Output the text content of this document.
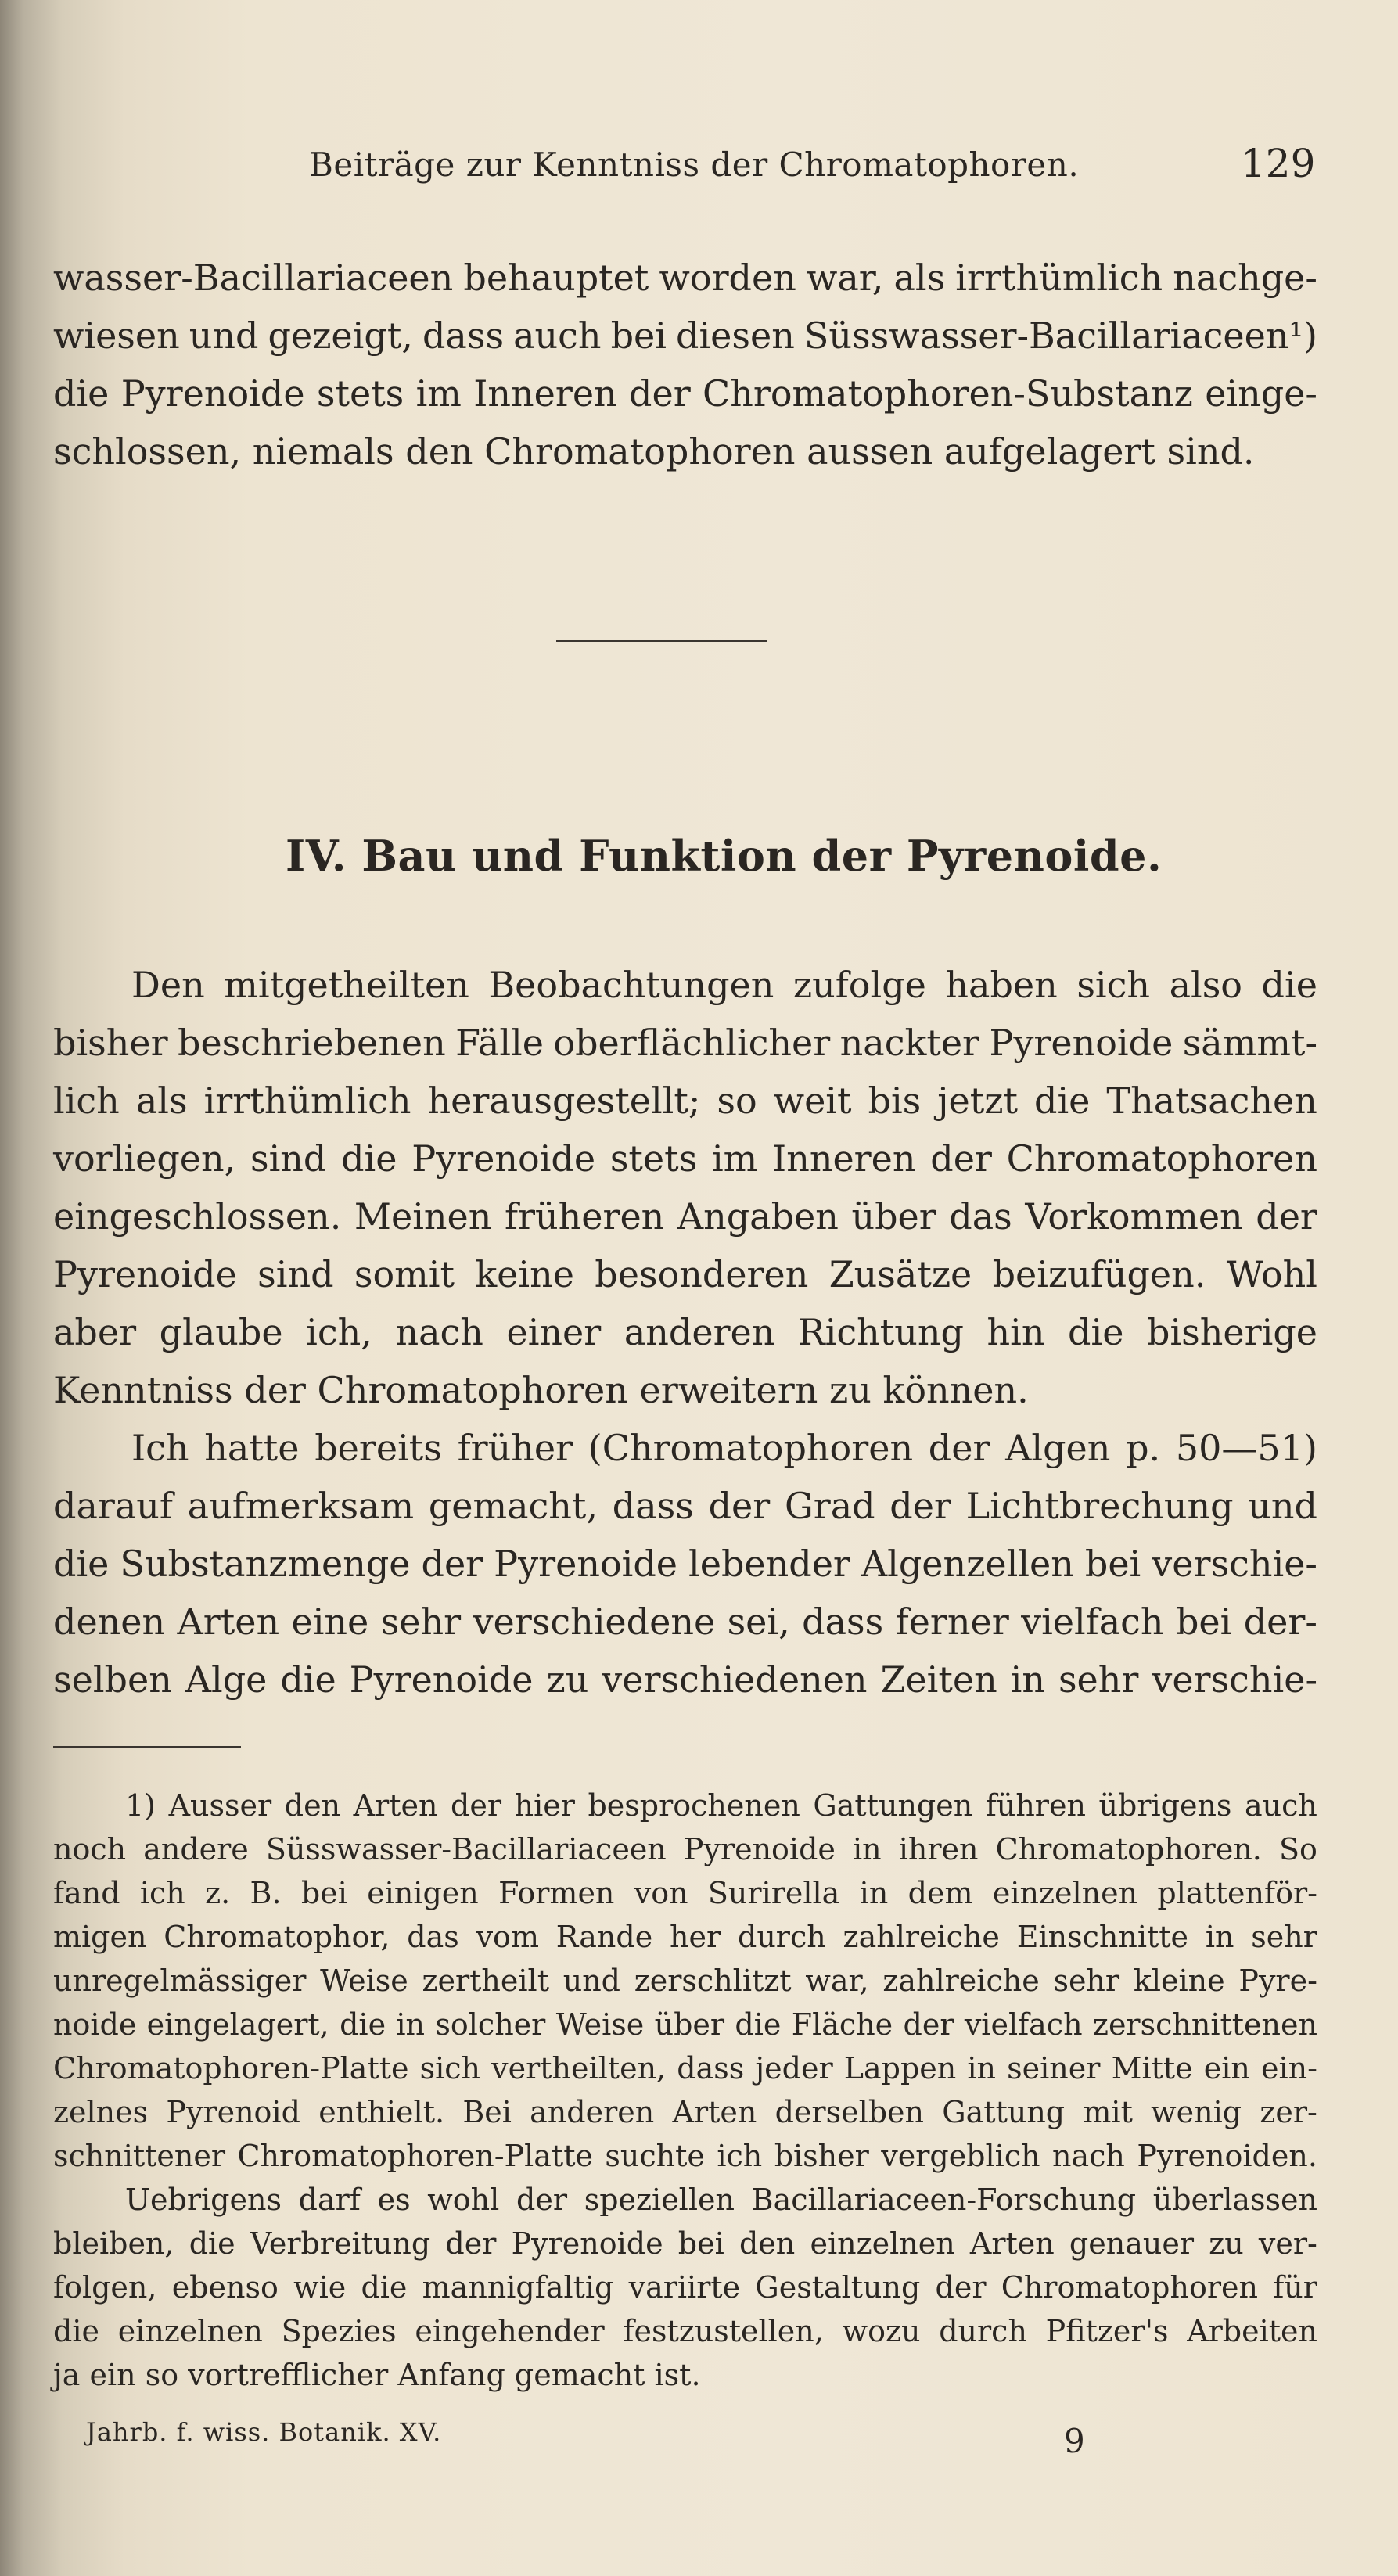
Beiträge zur Kenntniss der Chromatophoren.	129
wasser-Bacillariaceen behauptet worden war, als irrthümlich nachge-
wiesen und gezeigt, dass auch bei diesen Süsswasser-Bacillariaceen¹)
die Pyrenoide stets im Inneren der Chromatophoren-Substanz einge-
schlossen, niemals den Chromatophoren aussen aufgelagert sind.
IV. Bau und Funktion der Pyrenoide.
Den mitgetheilten Beobachtungen zufolge haben sich also die
bisher beschriebenen Fälle oberflächlicher nackter Pyrenoide sämmt-
lich als irrthümlich herausgestellt; so weit bis jetzt die Thatsachen
vorliegen, sind die Pyrenoide stets im Inneren der Chromatophoren
eingeschlossen. Meinen früheren Angaben über das Vorkommen der
Pyrenoide sind somit keine besonderen Zusätze beizufügen. Wohl
aber glaube ich, nach einer anderen Richtung hin die bisherige
Kenntniss der Chromatophoren erweitern zu können.
Ich hatte bereits früher (Chromatophoren der Algen p. 50—51)
darauf aufmerksam gemacht, dass der Grad der Lichtbrechung und
die Substanzmenge der Pyrenoide lebender Algenzellen bei verschie-
denen Arten eine sehr verschiedene sei, dass ferner vielfach bei der-
selben Alge die Pyrenoide zu verschiedenen Zeiten in sehr verschie-
1) Ausser den Arten der hier besprochenen Gattungen führen übrigens auch
noch andere Süsswasser-Bacillariaceen Pyrenoide in ihren Chromatophoren. So
fand ich z. B. bei einigen Formen von Surirella in dem einzelnen plattenför-
migen Chromatophor, das vom Rande her durch zahlreiche Einschnitte in sehr
unregelmässiger Weise zertheilt und zerschlitzt war, zahlreiche sehr kleine Pyre-
noide eingelagert, die in solcher Weise über die Fläche der vielfach zerschnittenen
Chromatophoren-Platte sich vertheilten, dass jeder Lappen in seiner Mitte ein ein-
zelnes Pyrenoid enthielt. Bei anderen Arten derselben Gattung mit wenig zer-
schnittener Chromatophoren-Platte suchte ich bisher vergeblich nach Pyrenoiden.
Uebrigens darf es wohl der speziellen Bacillariaceen-Forschung überlassen
bleiben, die Verbreitung der Pyrenoide bei den einzelnen Arten genauer zu ver-
folgen, ebenso wie die mannigfaltig variirte Gestaltung der Chromatophoren für
die einzelnen Spezies eingehender festzustellen, wozu durch Pfitzer's Arbeiten
ja ein so vortrefflicher Anfang gemacht ist.
Jahrb. f. wiss. Botanik. XV.	9
